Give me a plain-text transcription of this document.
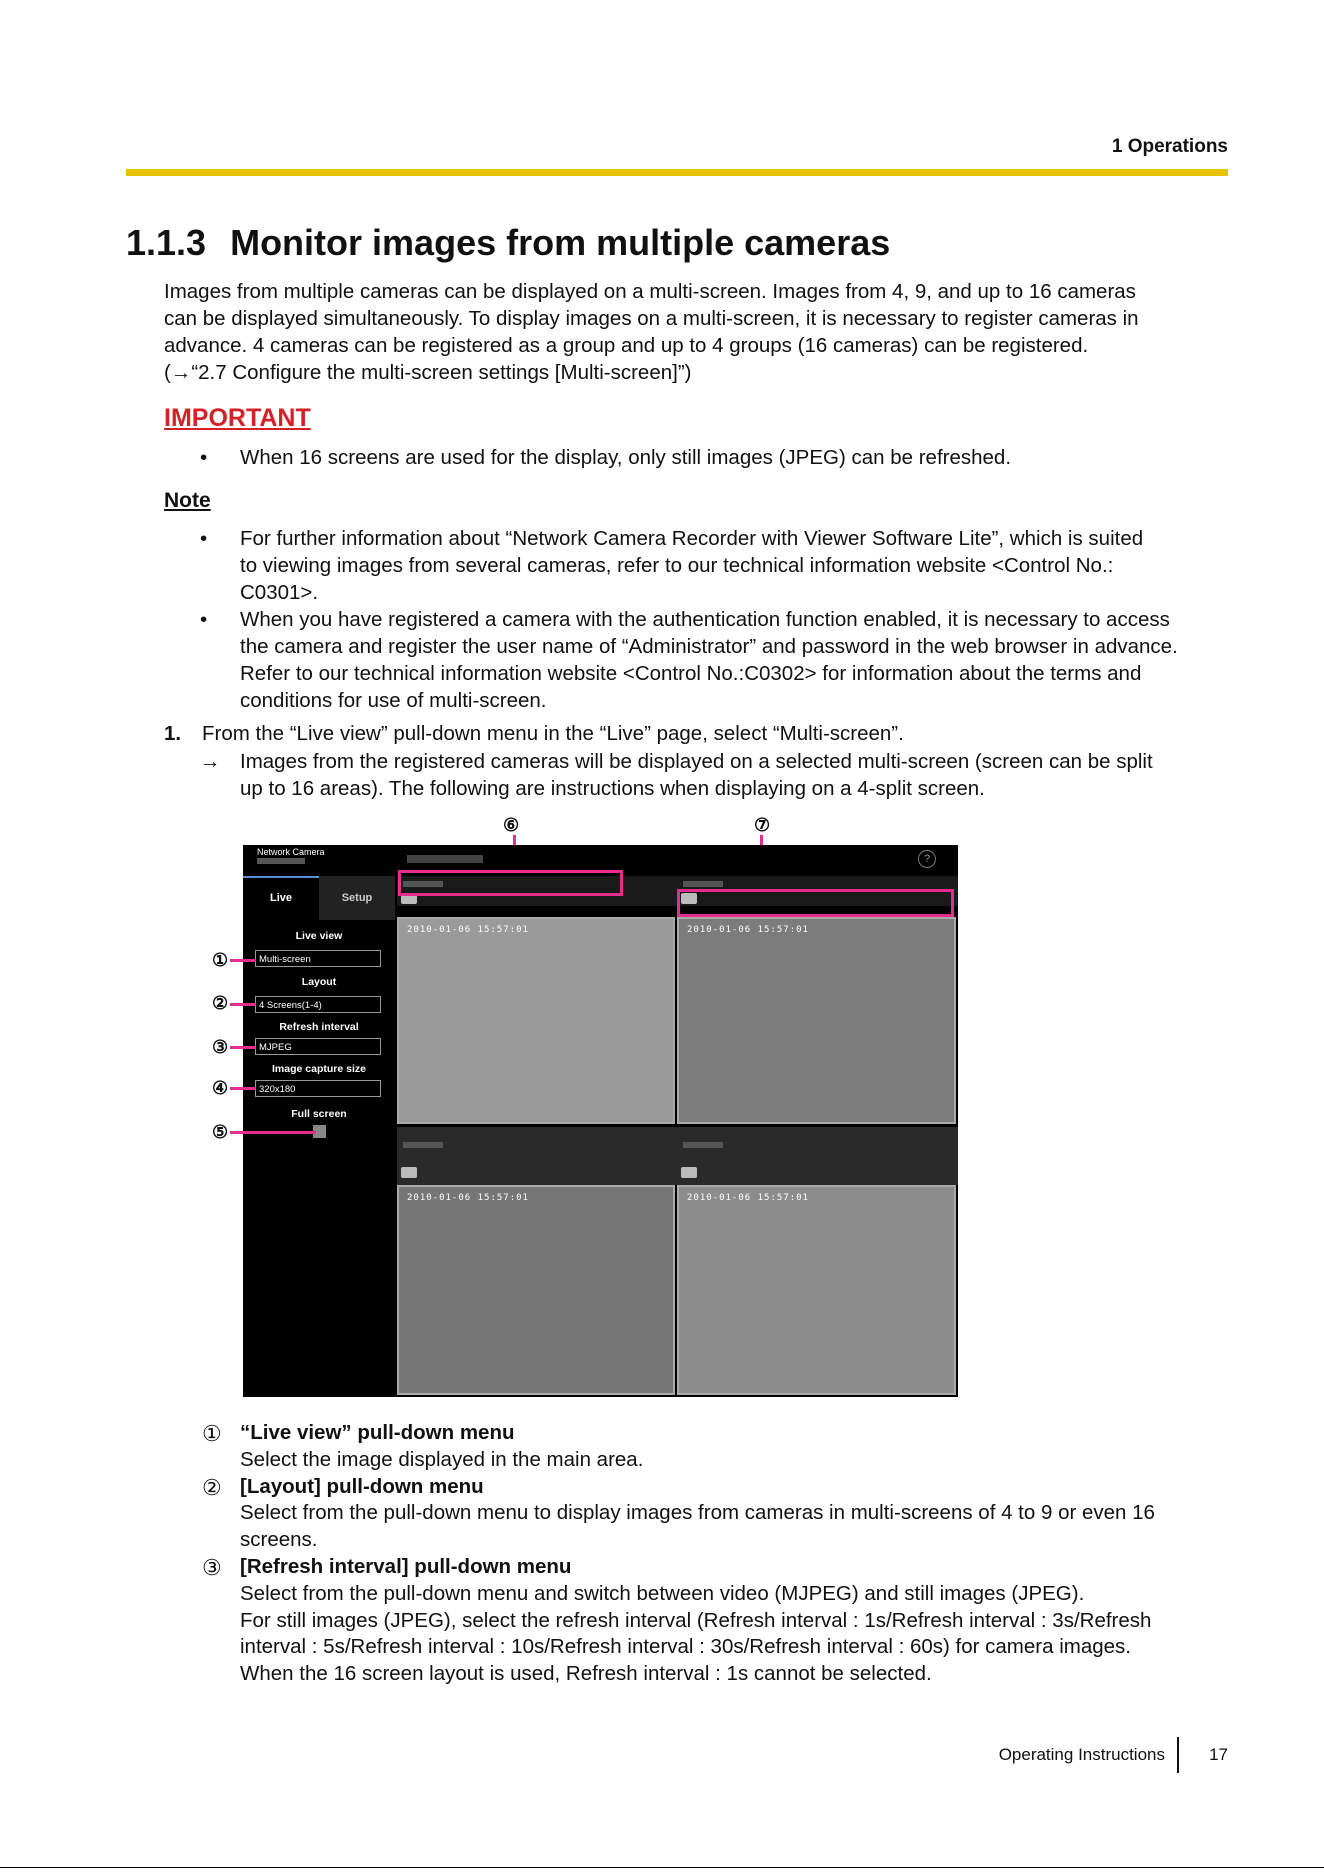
1 Operations
1.1.3 Monitor images from multiple cameras
Images from multiple cameras can be displayed on a multi-screen. Images from 4, 9, and up to 16 cameras
can be displayed simultaneously. To display images on a multi-screen, it is necessary to register cameras in
advance. 4 cameras can be registered as a group and up to 4 groups (16 cameras) can be registered.
(→“2.7 Configure the multi-screen settings [Multi-screen]”)
IMPORTANT
• When 16 screens are used for the display, only still images (JPEG) can be refreshed.
Note
• For further information about “Network Camera Recorder with Viewer Software Lite”, which is suited
to viewing images from several cameras, refer to our technical information website <Control No.:
C0301>.
• When you have registered a camera with the authentication function enabled, it is necessary to access
the camera and register the user name of “Administrator” and password in the web browser in advance.
Refer to our technical information website <Control No.:C0302> for information about the terms and
conditions for use of multi-screen.
1. From the “Live view” pull-down menu in the “Live” page, select “Multi-screen”.
→ Images from the registered cameras will be displayed on a selected multi-screen (screen can be split
up to 16 areas). The following are instructions when displaying on a 4-split screen.
⑥	⑦
①
②
③
④
⑤
Network Camera
Live	Setup
Live view
Multi-screen
Layout
4 Screens(1-4)
Refresh interval
MJPEG
Image capture size
320x180
Full screen
?
2010-01-06 15:57:01	2010-01-06 15:57:01
2010-01-06 15:57:01	2010-01-06 15:57:01
① “Live view” pull-down menu
Select the image displayed in the main area.
② [Layout] pull-down menu
Select from the pull-down menu to display images from cameras in multi-screens of 4 to 9 or even 16
screens.
③ [Refresh interval] pull-down menu
Select from the pull-down menu and switch between video (MJPEG) and still images (JPEG).
For still images (JPEG), select the refresh interval (Refresh interval : 1s/Refresh interval : 3s/Refresh
interval : 5s/Refresh interval : 10s/Refresh interval : 30s/Refresh interval : 60s) for camera images.
When the 16 screen layout is used, Refresh interval : 1s cannot be selected.
Operating Instructions	17
